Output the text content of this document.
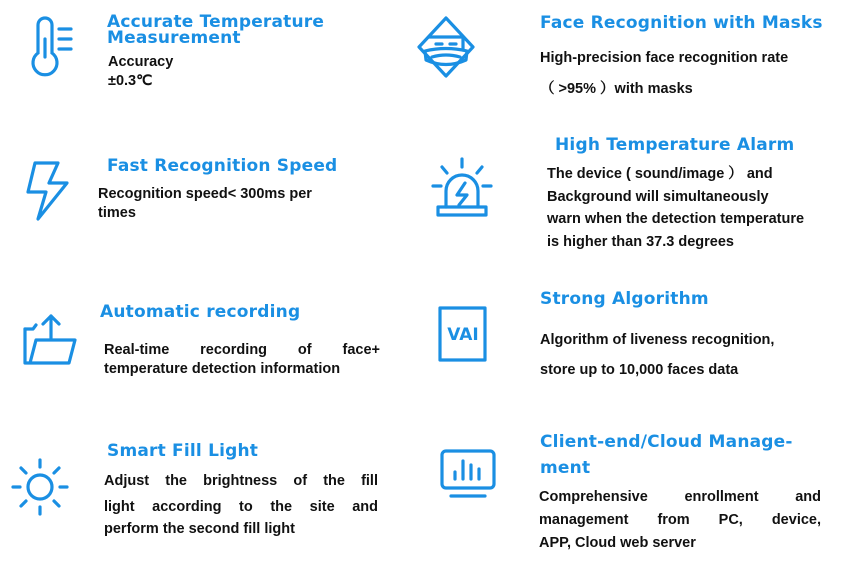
Accurate Temperature
Measurement
Accuracy ±0.3℃
Face Recognition with Masks
High-precision face recognition rate
（ >95% ）with masks
Fast Recognition Speed
Recognition speed< 300ms per
times
High Temperature Alarm
The device ( sound/image ） and
Background will simultaneously
warn when the detection temperature
is higher than 37.3 degrees
Automatic recording
Real-time recording of face+
temperature detection information
VAI
Strong Algorithm
Algorithm of liveness recognition,
store up to 10,000 faces data
Smart Fill Light
Adjust the brightness of the fill
light according to the site and
perform the second fill light
Client-end/Cloud Manage-
ment
Comprehensive enrollment and
management from PC, device,
APP, Cloud web server
